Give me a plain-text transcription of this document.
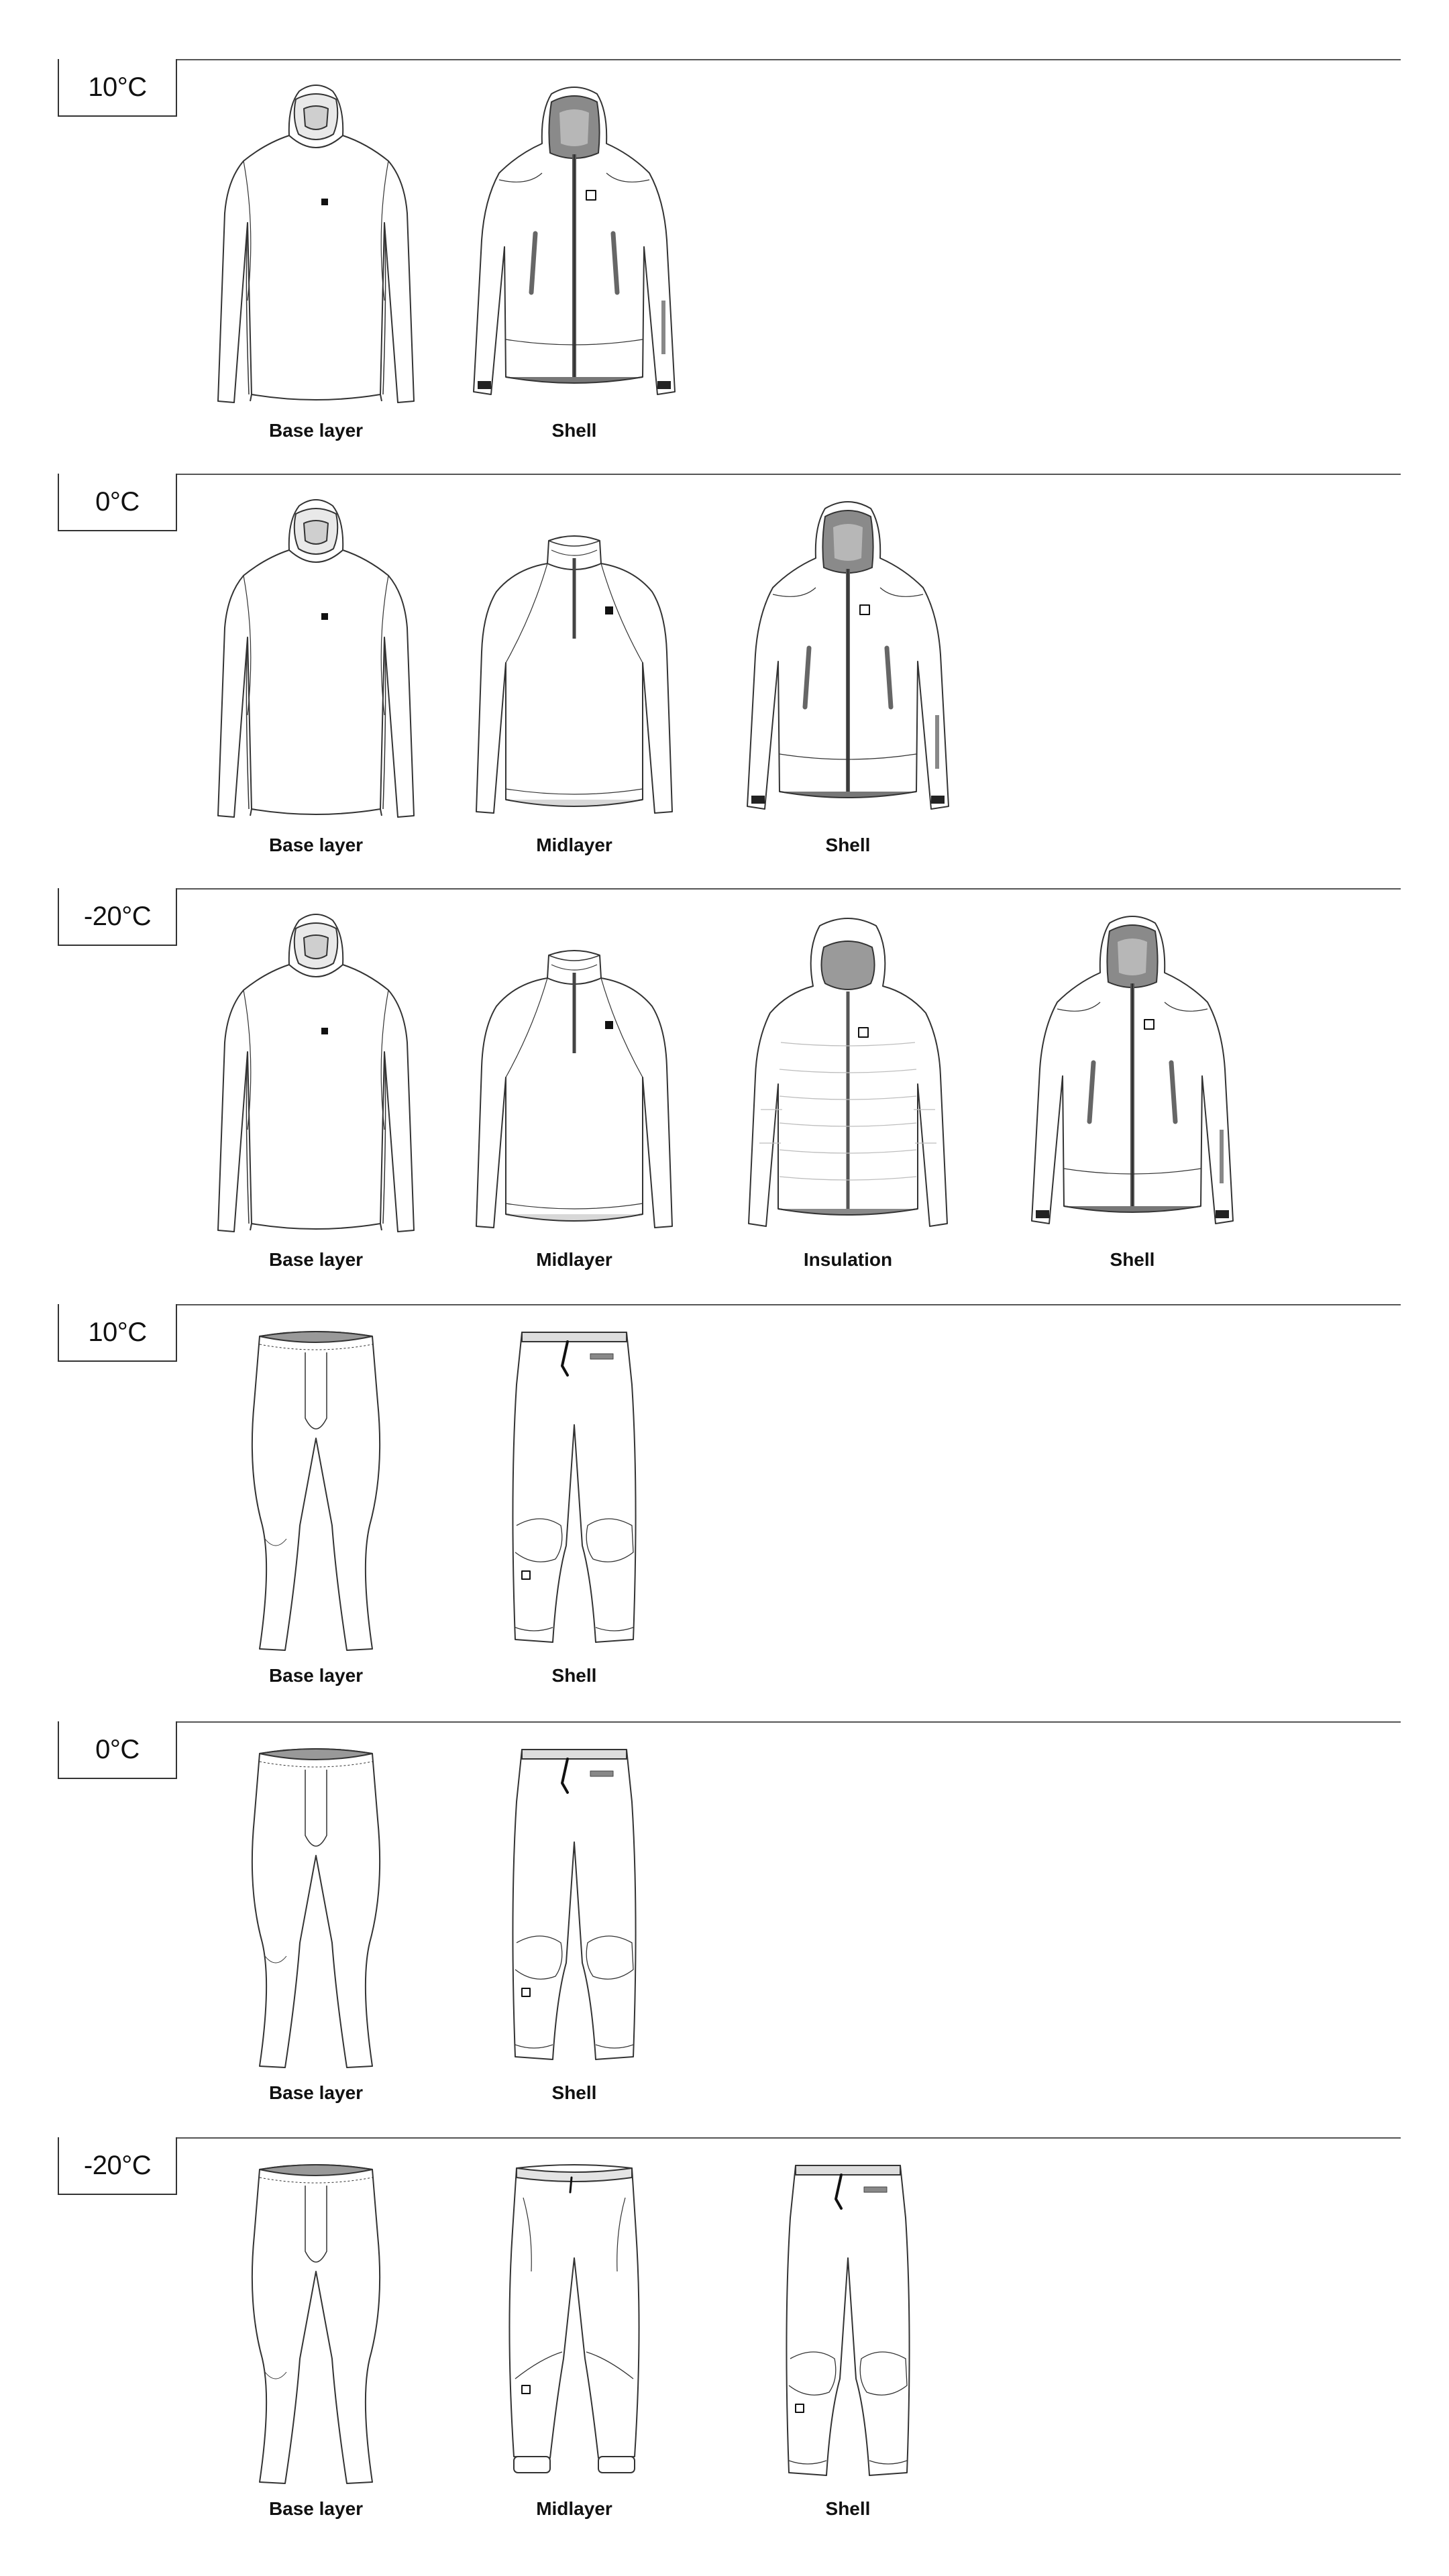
10°C
Base layer	Shell
0°C
Base layer	Midlayer	Shell
-20°C
Base layer	Midlayer	Insulation	Shell
10°C
Base layer	Shell
0°C
Base layer	Shell
-20°C
Base layer	Midlayer	Shell
